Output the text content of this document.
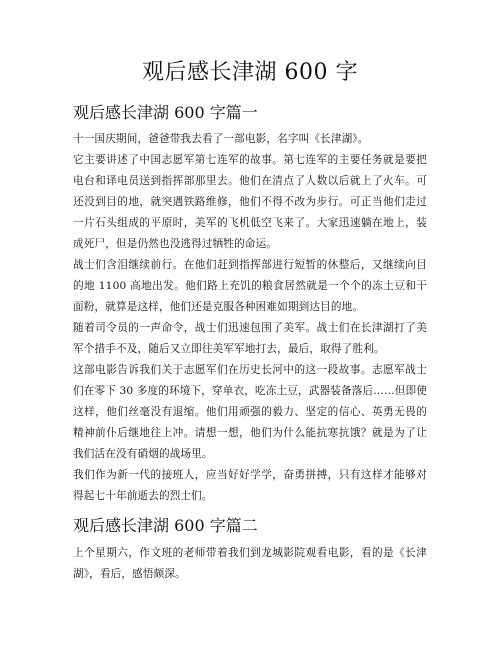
观后感长津湖 600 字
观后感长津湖 600 字篇一

十一国庆期间，爸爸带我去看了一部电影，名字叫《长津湖》。

它主要讲述了中国志愿军第七连军的故事。第七连军的主要任务就是要把电台和译电员送到指挥部那里去。他们在清点了人数以后就上了火车。可还没到目的地，就突遇铁路维修，他们不得不改为步行。可正当他们走过一片石头组成的平原时，美军的飞机低空飞来了。大家迅速躺在地上，装成死尸，但是仍然也没逃得过牺牲的命运。

战士们含泪继续前行。在他们赶到指挥部进行短暂的休整后，又继续向目的地 1100 高地出发。他们路上充饥的粮食居然就是一个个的冻土豆和干面粉，就算是这样，他们还是克服各种困难如期到达目的地。

随着司令员的一声命令，战士们迅速包围了美军。战士们在长津湖打了美军个措手不及，随后又立即往美军军地打去，最后，取得了胜利。

这部电影告诉我们关于志愿军们在历史长河中的这一段故事。志愿军战士们在零下 30 多度的环境下，穿单衣，吃冻土豆，武器装备落后……但即使这样，他们丝毫没有退缩。他们用顽强的毅力、坚定的信心、英勇无畏的精神前仆后继地往上冲。请想一想，他们为什么能抗寒抗饿？就是为了让我们活在没有硝烟的战场里。

我们作为新一代的接班人，应当好好学学，奋勇拼搏，只有这样才能够对得起七十年前逝去的烈士们。

观后感长津湖 600 字篇二

上个星期六，作文班的老师带着我们到龙城影院观看电影，看的是《长津湖》，看后，感悟颇深。
